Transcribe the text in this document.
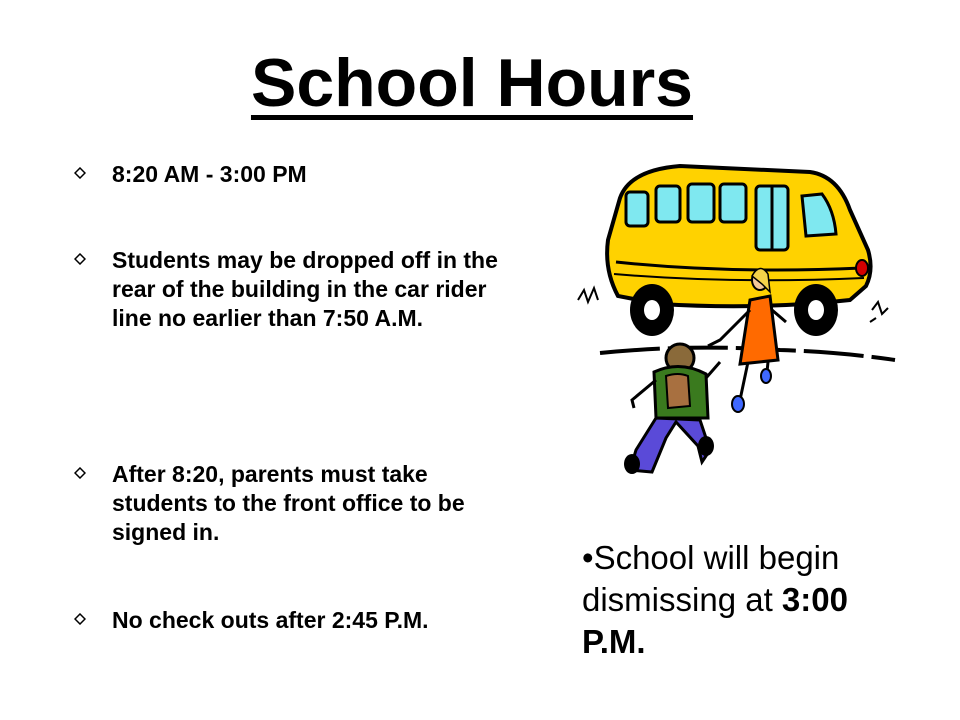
School Hours
8:20 AM - 3:00 PM
Students may be dropped off in the rear of the building in the car rider line no earlier than 7:50 A.M.
After 8:20, parents must take students to the front office to be signed in.
No check outs after 2:45 P.M.

•School will begin dismissing at 3:00 P.M.
